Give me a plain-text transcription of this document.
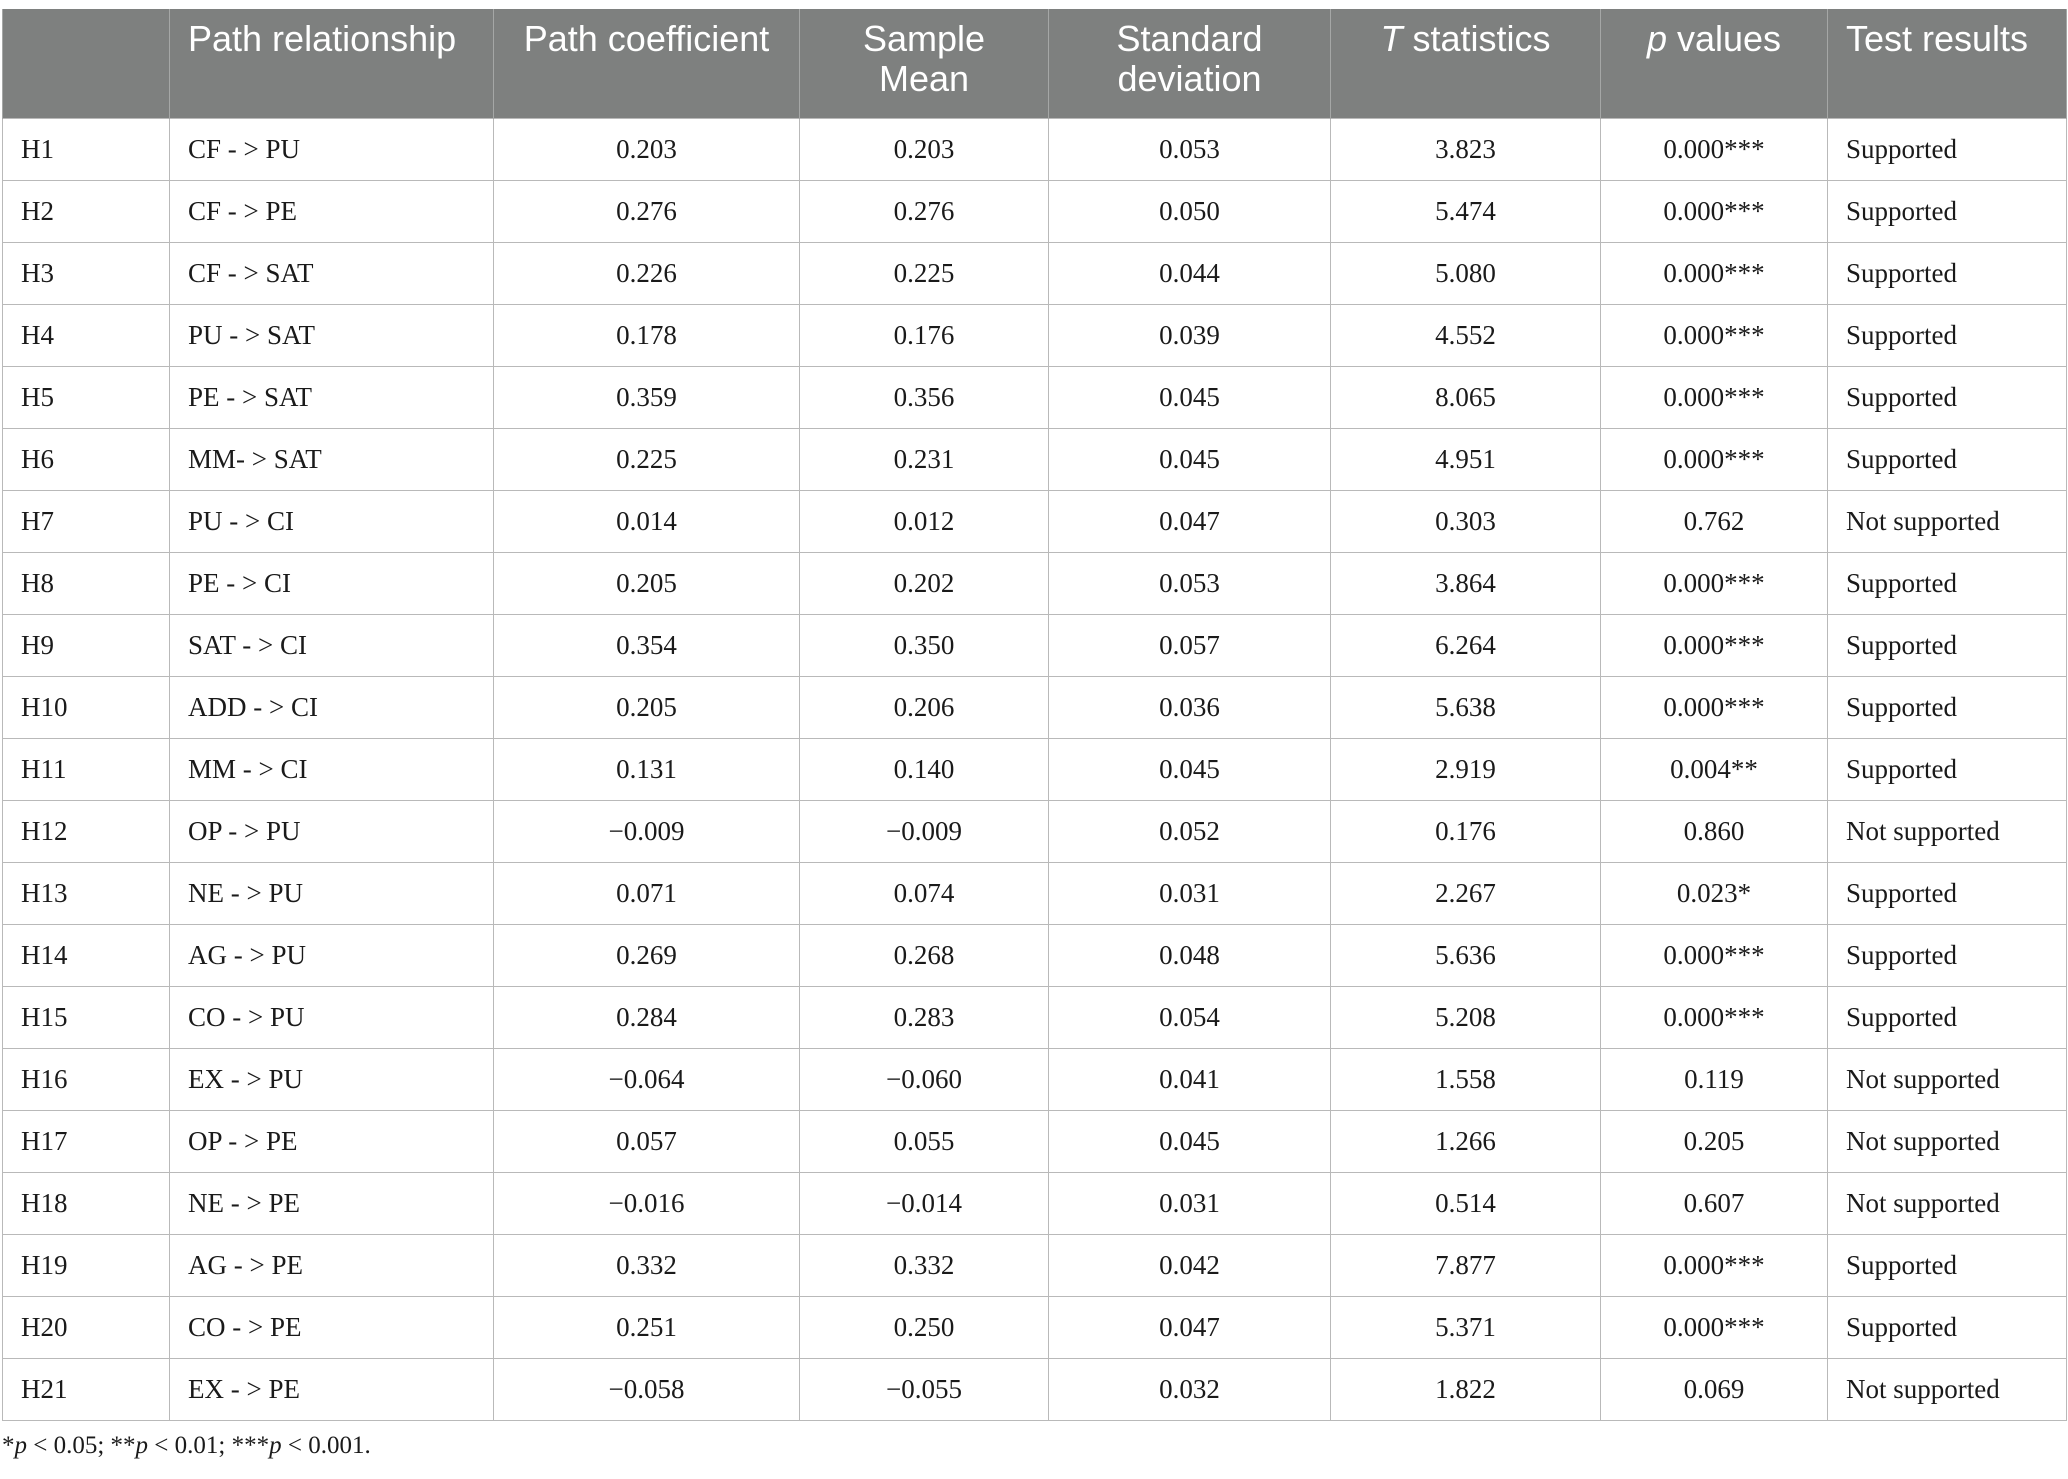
	Path relationship	Path coefficient	Sample Mean	Standard deviation	T statistics	p values	Test results
H1	CF - > PU	0.203	0.203	0.053	3.823	0.000***	Supported
H2	CF - > PE	0.276	0.276	0.050	5.474	0.000***	Supported
H3	CF - > SAT	0.226	0.225	0.044	5.080	0.000***	Supported
H4	PU - > SAT	0.178	0.176	0.039	4.552	0.000***	Supported
H5	PE - > SAT	0.359	0.356	0.045	8.065	0.000***	Supported
H6	MM- > SAT	0.225	0.231	0.045	4.951	0.000***	Supported
H7	PU - > CI	0.014	0.012	0.047	0.303	0.762	Not supported
H8	PE - > CI	0.205	0.202	0.053	3.864	0.000***	Supported
H9	SAT - > CI	0.354	0.350	0.057	6.264	0.000***	Supported
H10	ADD - > CI	0.205	0.206	0.036	5.638	0.000***	Supported
H11	MM - > CI	0.131	0.140	0.045	2.919	0.004**	Supported
H12	OP - > PU	−0.009	−0.009	0.052	0.176	0.860	Not supported
H13	NE - > PU	0.071	0.074	0.031	2.267	0.023*	Supported
H14	AG - > PU	0.269	0.268	0.048	5.636	0.000***	Supported
H15	CO - > PU	0.284	0.283	0.054	5.208	0.000***	Supported
H16	EX - > PU	−0.064	−0.060	0.041	1.558	0.119	Not supported
H17	OP - > PE	0.057	0.055	0.045	1.266	0.205	Not supported
H18	NE - > PE	−0.016	−0.014	0.031	0.514	0.607	Not supported
H19	AG - > PE	0.332	0.332	0.042	7.877	0.000***	Supported
H20	CO - > PE	0.251	0.250	0.047	5.371	0.000***	Supported
H21	EX - > PE	−0.058	−0.055	0.032	1.822	0.069	Not supported
*p < 0.05; **p < 0.01; ***p < 0.001.
